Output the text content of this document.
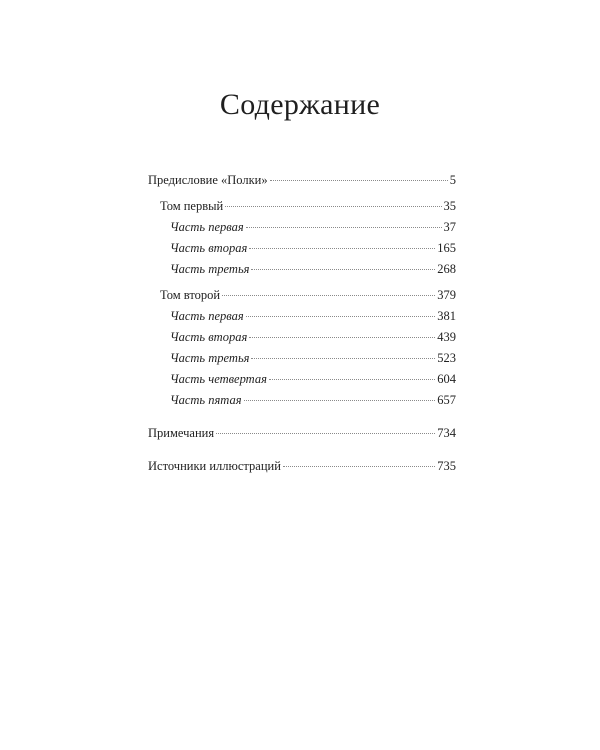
Содержание
Предисловие «Полки»	5
Том первый	35
Часть первая	37
Часть вторая	165
Часть третья	268
Том второй	379
Часть первая	381
Часть вторая	439
Часть третья	523
Часть четвертая	604
Часть пятая	657
Примечания	734
Источники иллюстраций	735
